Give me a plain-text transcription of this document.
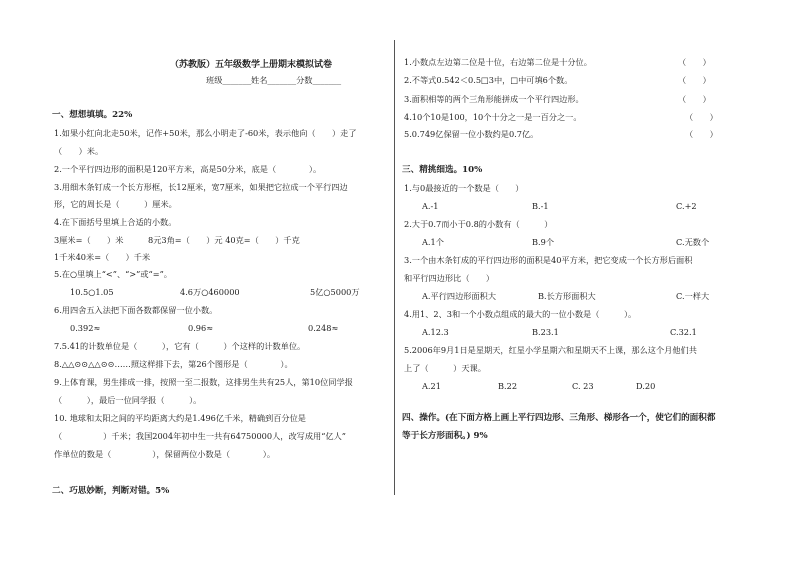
（苏教版）五年级数学上册期末模拟试卷
班级_______姓名_______分数_______
一、想想填填。22%
1.如果小红向北走50米，记作+50米，那么小明走了-60米，表示他向（　　）走了
（　　）米。
2.一个平行四边形的面积是120平方米，高是50分米，底是（　　　　）。
3.用细木条钉成一个长方形框，长12厘米，宽7厘米，如果把它拉成一个平行四边
形，它的周长是（　　　）厘米。
4.在下面括号里填上合适的小数。
3厘米=（　　）米	8元3角=（　　）元 40克=（　　）千克
1千米40米=（　　）千米
5.在○里填上“<”、“>”或“=”。
10.5○1.05	4.6万○460000	5亿○5000万
6.用四舍五入法把下面各数都保留一位小数。
0.392≈	0.96≈	0.248≈
7.5.41的计数单位是（　　　），它有（　　　）个这样的计数单位。
8.△△⊙⊙△△⊙⊙……照这样排下去，第26个图形是（　　　　）。
9.上体育课，男生排成一排，按照一至二报数，这排男生共有25人，第10位同学报
（　　　），最后一位同学报（　　　）。
10. 地球和太阳之间的平均距离大约是1.496亿千米，精确到百分位是
（　　　　　）千米；我国2004年初中生一共有64750000人，改写成用“亿人”
作单位的数是（　　　　　），保留两位小数是（　　　　）。
二、巧思妙断，判断对错。5%
1.小数点左边第二位是十位，右边第二位是十分位。	（　　）
2.不等式0.542＜0.5□3中，□中可填6个数。	（　　）
3.面积相等的两个三角形能拼成一个平行四边形。	（　　）
4.10个10是100，10个十分之一是一百分之一。	（　　）
5.0.749亿保留一位小数约是0.7亿。	（　　）
三、精挑细选。10%
1.与0最接近的一个数是（　　）
A.-1	B.-1	C.+2
2.大于0.7而小于0.8的小数有（　　　）
A.1个	B.9个	C.无数个
3.一个由木条钉成的平行四边形的面积是40平方米，把它变成一个长方形后面积
和平行四边形比（　　）
A.平行四边形面积大	B.长方形面积大	C.一样大
4.用1、2、3和一个小数点组成的最大的一位小数是（　　　）。
A.12.3	B.23.1	C.32.1
5.2006年9月1日是星期天，红星小学星期六和星期天不上课，那么这个月他们共
上了（　　　）天课。
A.21	B.22	C. 23	D.20
四、操作。(在下面方格上画上平行四边形、三角形、梯形各一个，使它们的面积都
等于长方形面积。) 9%
